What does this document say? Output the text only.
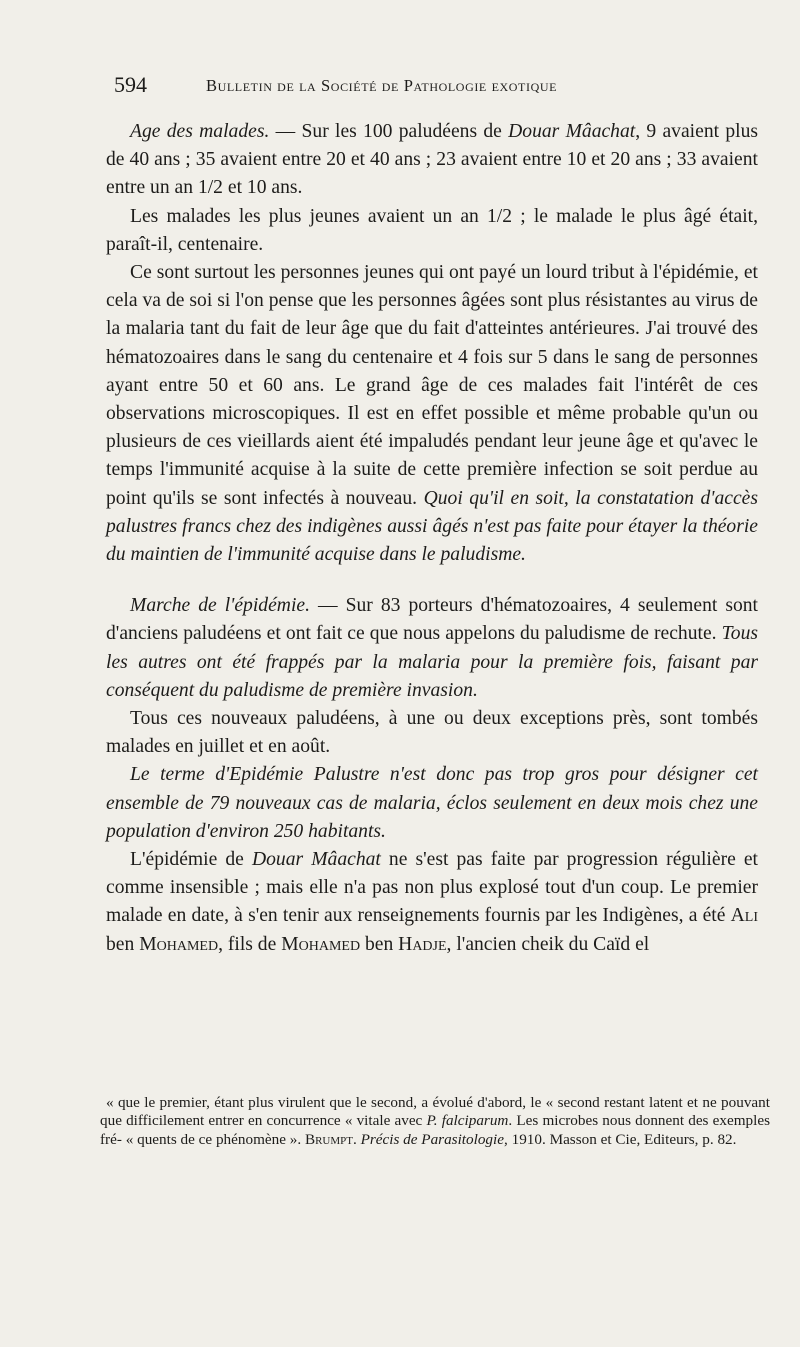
594	Bulletin de la Société de Pathologie exotique

Age des malades. — Sur les 100 paludéens de Douar Mâachat, 9 avaient plus de 40 ans ; 35 avaient entre 20 et 40 ans ; 23 avaient entre 10 et 20 ans ; 33 avaient entre un an 1/2 et 10 ans.

Les malades les plus jeunes avaient un an 1/2 ; le malade le plus âgé était, paraît-il, centenaire.

Ce sont surtout les personnes jeunes qui ont payé un lourd tribut à l'épidémie, et cela va de soi si l'on pense que les personnes âgées sont plus résistantes au virus de la malaria tant du fait de leur âge que du fait d'atteintes antérieures. J'ai trouvé des hématozoaires dans le sang du centenaire et 4 fois sur 5 dans le sang de personnes ayant entre 50 et 60 ans. Le grand âge de ces malades fait l'intérêt de ces observations microscopiques. Il est en effet possible et même probable qu'un ou plusieurs de ces vieillards aient été impaludés pendant leur jeune âge et qu'avec le temps l'immunité acquise à la suite de cette première infection se soit perdue au point qu'ils se sont infectés à nouveau. Quoi qu'il en soit, la constatation d'accès palustres francs chez des indigènes aussi âgés n'est pas faite pour étayer la théorie du maintien de l'immunité acquise dans le paludisme.

Marche de l'épidémie. — Sur 83 porteurs d'hématozoaires, 4 seulement sont d'anciens paludéens et ont fait ce que nous appelons du paludisme de rechute. Tous les autres ont été frappés par la malaria pour la première fois, faisant par conséquent du paludisme de première invasion.

Tous ces nouveaux paludéens, à une ou deux exceptions près, sont tombés malades en juillet et en août.

Le terme d'Epidémie Palustre n'est donc pas trop gros pour désigner cet ensemble de 79 nouveaux cas de malaria, éclos seulement en deux mois chez une population d'environ 250 habitants.

L'épidémie de Douar Mâachat ne s'est pas faite par progression régulière et comme insensible ; mais elle n'a pas non plus explosé tout d'un coup. Le premier malade en date, à s'en tenir aux renseignements fournis par les Indigènes, a été Ali ben Mohamed, fils de Mohamed ben Hadje, l'ancien cheik du Caïd el

« que le premier, étant plus virulent que le second, a évolué d'abord, le « second restant latent et ne pouvant que difficilement entrer en concurrence « vitale avec P. falciparum. Les microbes nous donnent des exemples fré- « quents de ce phénomène ». Brumpt. Précis de Parasitologie, 1910. Masson et Cie, Editeurs, p. 82.
